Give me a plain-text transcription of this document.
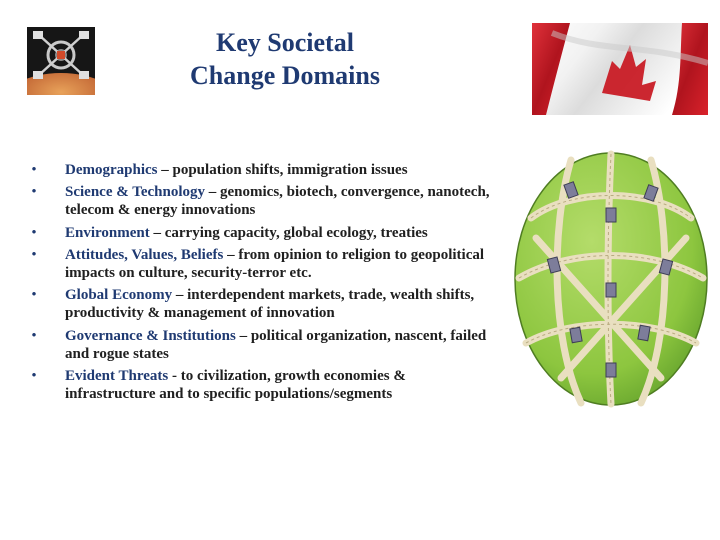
Key Societal
Change Domains
• Demographics – population shifts, immigration issues
• Science & Technology – genomics, biotech, convergence, nanotech, telecom & energy innovations
• Environment – carrying capacity, global ecology, treaties
• Attitudes, Values, Beliefs – from opinion to religion to geopolitical impacts on culture, security-terror etc.
• Global Economy – interdependent markets, trade, wealth shifts, productivity & management of innovation
• Governance & Institutions – political organization, nascent, failed and rogue states
• Evident Threats - to civilization, growth economies & infrastructure and to specific populations/segments
